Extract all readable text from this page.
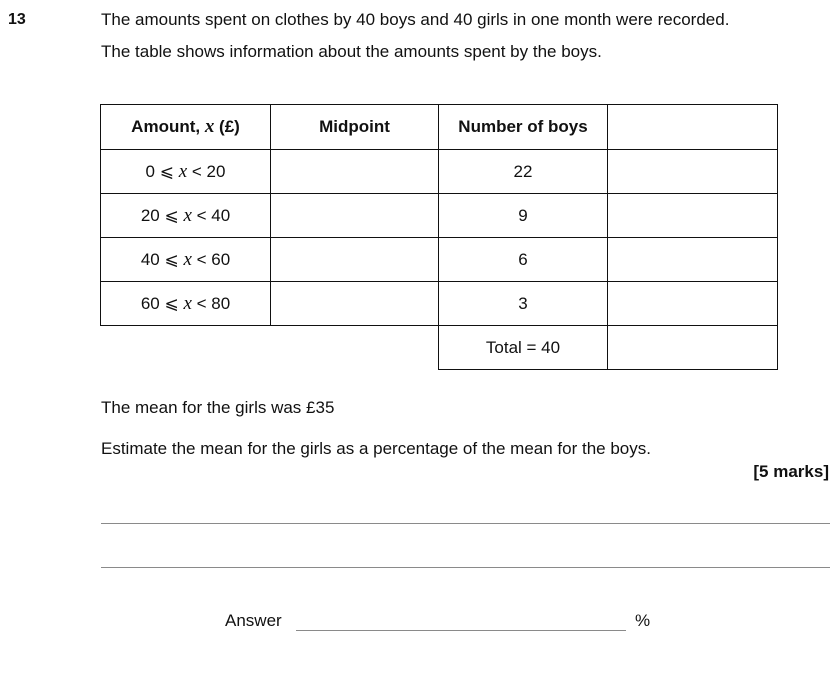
13	The amounts spent on clothes by 40 boys and 40 girls in one month were recorded.
The table shows information about the amounts spent by the boys.
Amount, x (£)	Midpoint	Number of boys	
0 ⩽ x < 20		22	
20 ⩽ x < 40		9	
40 ⩽ x < 60		6	
60 ⩽ x < 80		3	
		Total = 40	
The mean for the girls was £35
Estimate the mean for the girls as a percentage of the mean for the boys.
[5 marks]
Answer	%
